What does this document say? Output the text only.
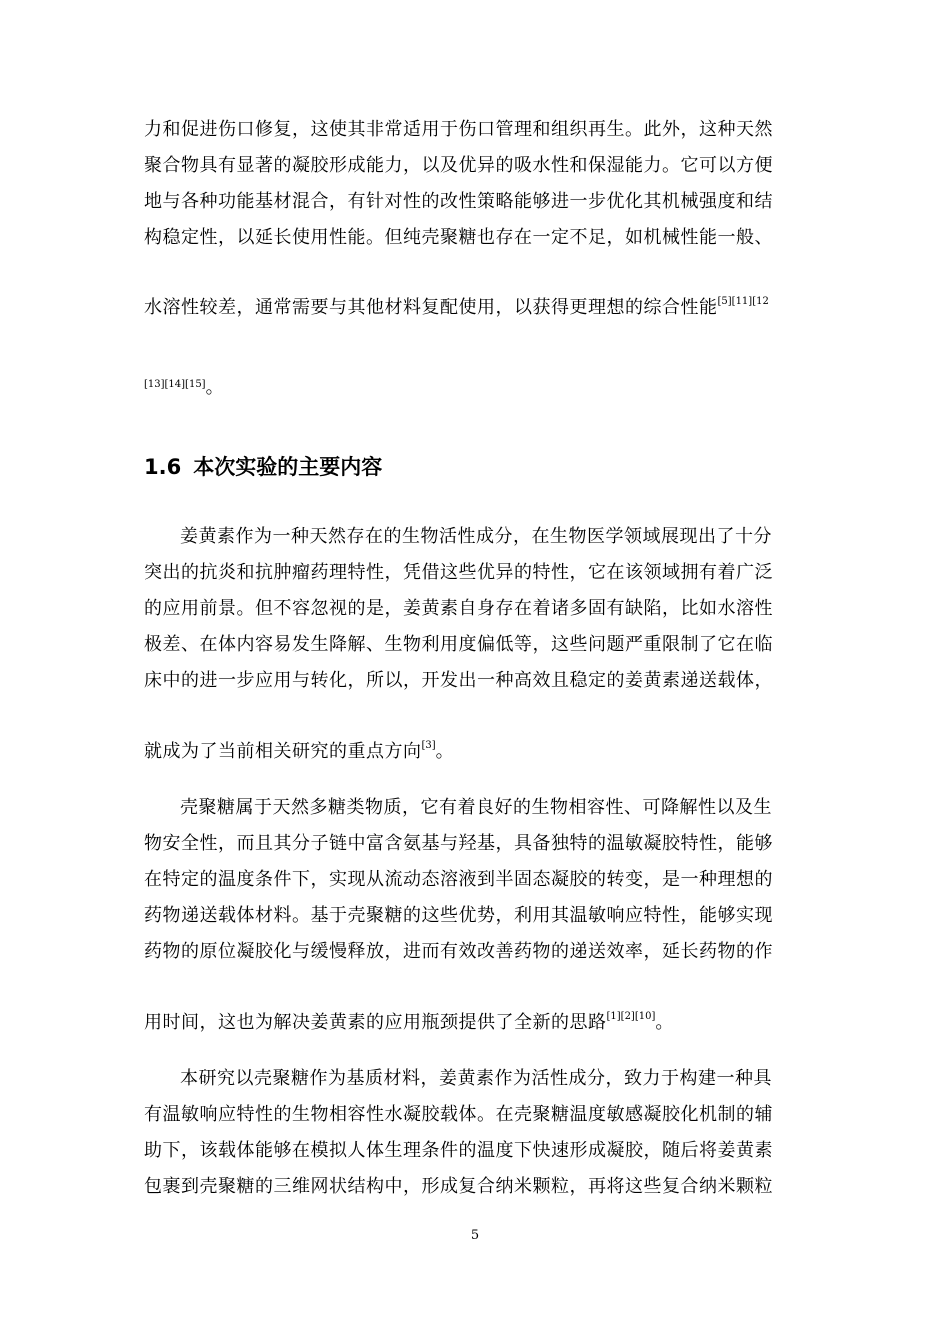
力和促进伤口修复，这使其非常适用于伤口管理和组织再生。此外，这种天然
聚合物具有显著的凝胶形成能力，以及优异的吸水性和保湿能力。它可以方便
地与各种功能基材混合，有针对性的改性策略能够进一步优化其机械强度和结
构稳定性，以延长使用性能。但纯壳聚糖也存在一定不足，如机械性能一般、
水溶性较差，通常需要与其他材料复配使用，以获得更理想的综合性能$^{[5][11][12}$
[13][14][15]。
1.6 本次实验的主要内容
姜黄素作为一种天然存在的生物活性成分，在生物医学领域展现出了十分
突出的抗炎和抗肿瘤药理特性，凭借这些优异的特性，它在该领域拥有着广泛
的应用前景。但不容忽视的是，姜黄素自身存在着诸多固有缺陷，比如水溶性
极差、在体内容易发生降解、生物利用度偏低等，这些问题严重限制了它在临
床中的进一步应用与转化，所以，开发出一种高效且稳定的姜黄素递送载体，
就成为了当前相关研究的重点方向[3]。
壳聚糖属于天然多糖类物质，它有着良好的生物相容性、可降解性以及生
物安全性，而且其分子链中富含氨基与羟基，具备独特的温敏凝胶特性，能够
在特定的温度条件下，实现从流动态溶液到半固态凝胶的转变，是一种理想的
药物递送载体材料。基于壳聚糖的这些优势，利用其温敏响应特性，能够实现
药物的原位凝胶化与缓慢释放，进而有效改善药物的递送效率，延长药物的作
用时间，这也为解决姜黄素的应用瓶颈提供了全新的思路[1][2][10]。
本研究以壳聚糖作为基质材料，姜黄素作为活性成分，致力于构建一种具
有温敏响应特性的生物相容性水凝胶载体。在壳聚糖温度敏感凝胶化机制的辅
助下，该载体能够在模拟人体生理条件的温度下快速形成凝胶，随后将姜黄素
包裹到壳聚糖的三维网状结构中，形成复合纳米颗粒，再将这些复合纳米颗粒
5
